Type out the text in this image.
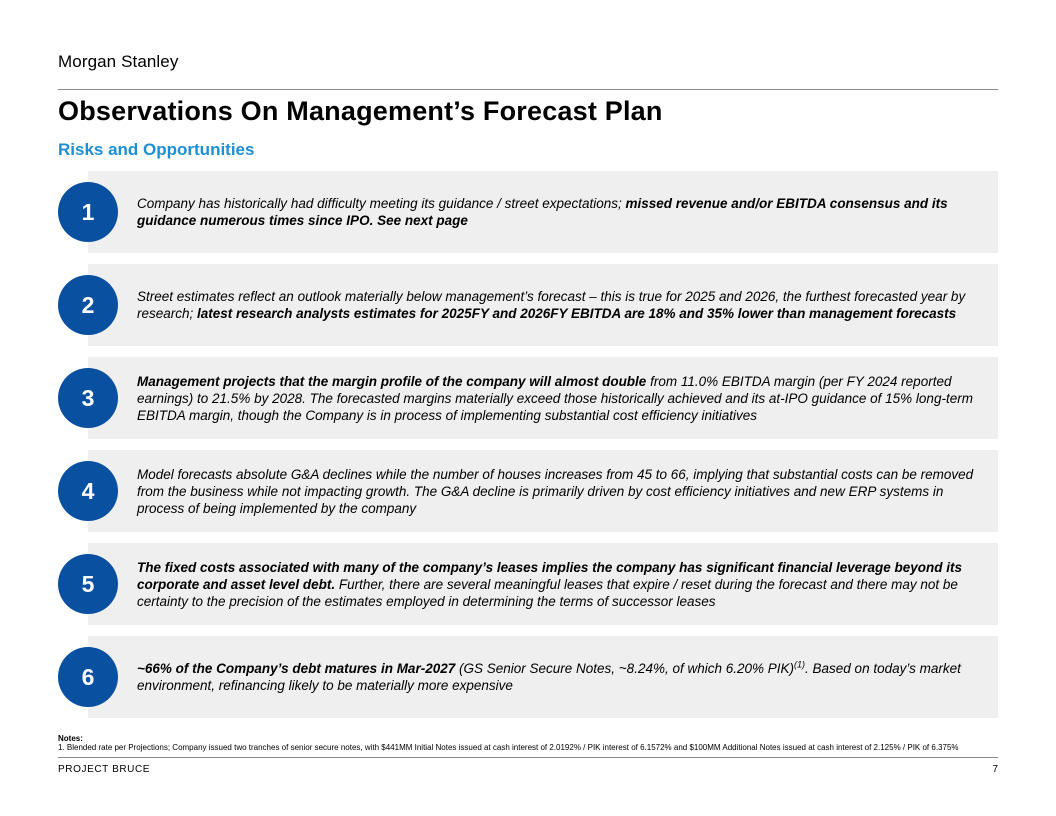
Morgan Stanley
Observations On Management’s Forecast Plan
Risks and Opportunities

Company has historically had difficulty meeting its guidance / street expectations; missed revenue and/or EBITDA consensus and its guidance numerous times since IPO. See next page

1

Street estimates reflect an outlook materially below management’s forecast – this is true for 2025 and 2026, the furthest forecasted year by research; latest research analysts estimates for 2025FY and 2026FY EBITDA are 18% and 35% lower than management forecasts

2

Management projects that the margin profile of the company will almost double from 11.0% EBITDA margin (per FY 2024 reported earnings) to 21.5% by 2028. The forecasted margins materially exceed those historically achieved and its at-IPO guidance of 15% long-term EBITDA margin, though the Company is in process of implementing substantial cost efficiency initiatives

3

Model forecasts absolute G&A declines while the number of houses increases from 45 to 66, implying that substantial costs can be removed from the business while not impacting growth. The G&A decline is primarily driven by cost efficiency initiatives and new ERP systems in process of being implemented by the company

4

The fixed costs associated with many of the company’s leases implies the company has significant financial leverage beyond its corporate and asset level debt. Further, there are several meaningful leases that expire / reset during the forecast and there may not be certainty to the precision of the estimates employed in determining the terms of successor leases

5

~66% of the Company’s debt matures in Mar-2027 (GS Senior Secure Notes, ~8.24%, of which 6.20% PIK)$^{(1)}$. Based on today’s market environment, refinancing likely to be materially more expensive

6
Notes:
1. Blended rate per Projections; Company issued two tranches of senior secure notes, with $441MM Initial Notes issued at cash interest of 2.0192% / PIK interest of 6.1572% and $100MM Additional Notes issued at cash interest of 2.125% / PIK of 6.375%
PROJECT BRUCE	7
